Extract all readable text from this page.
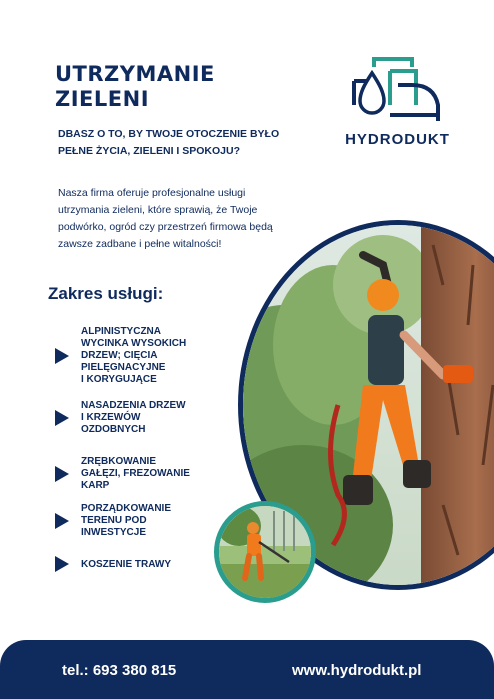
UTRZYMANIE
ZIELENI

DBASZ O TO, BY TWOJE OTOCZENIE BYŁO
PEŁNE ŻYCIA, ZIELENI I SPOKOJU?

HYDRODUKT

Nasza firma oferuje profesjonalne usługi
utrzymania zieleni, które sprawią, że Twoje
podwórko, ogród czy przestrzeń firmowa będą
zawsze zadbane i pełne witalności!

Zakres usługi:
ALPINISTYCZNA
WYCINKA WYSOKICH
DRZEW; CIĘCIA
PIELĘGNACYJNE
I KORYGUJĄCE
NASADZENIA DRZEW
I KRZEWÓW
OZDOBNYCH
ZRĘBKOWANIE
GAŁĘZI, FREZOWANIE
KARP
PORZĄDKOWANIE
TERENU POD
INWESTYCJE
KOSZENIE TRAWY
tel.: 693 380 815	www.hydrodukt.pl
